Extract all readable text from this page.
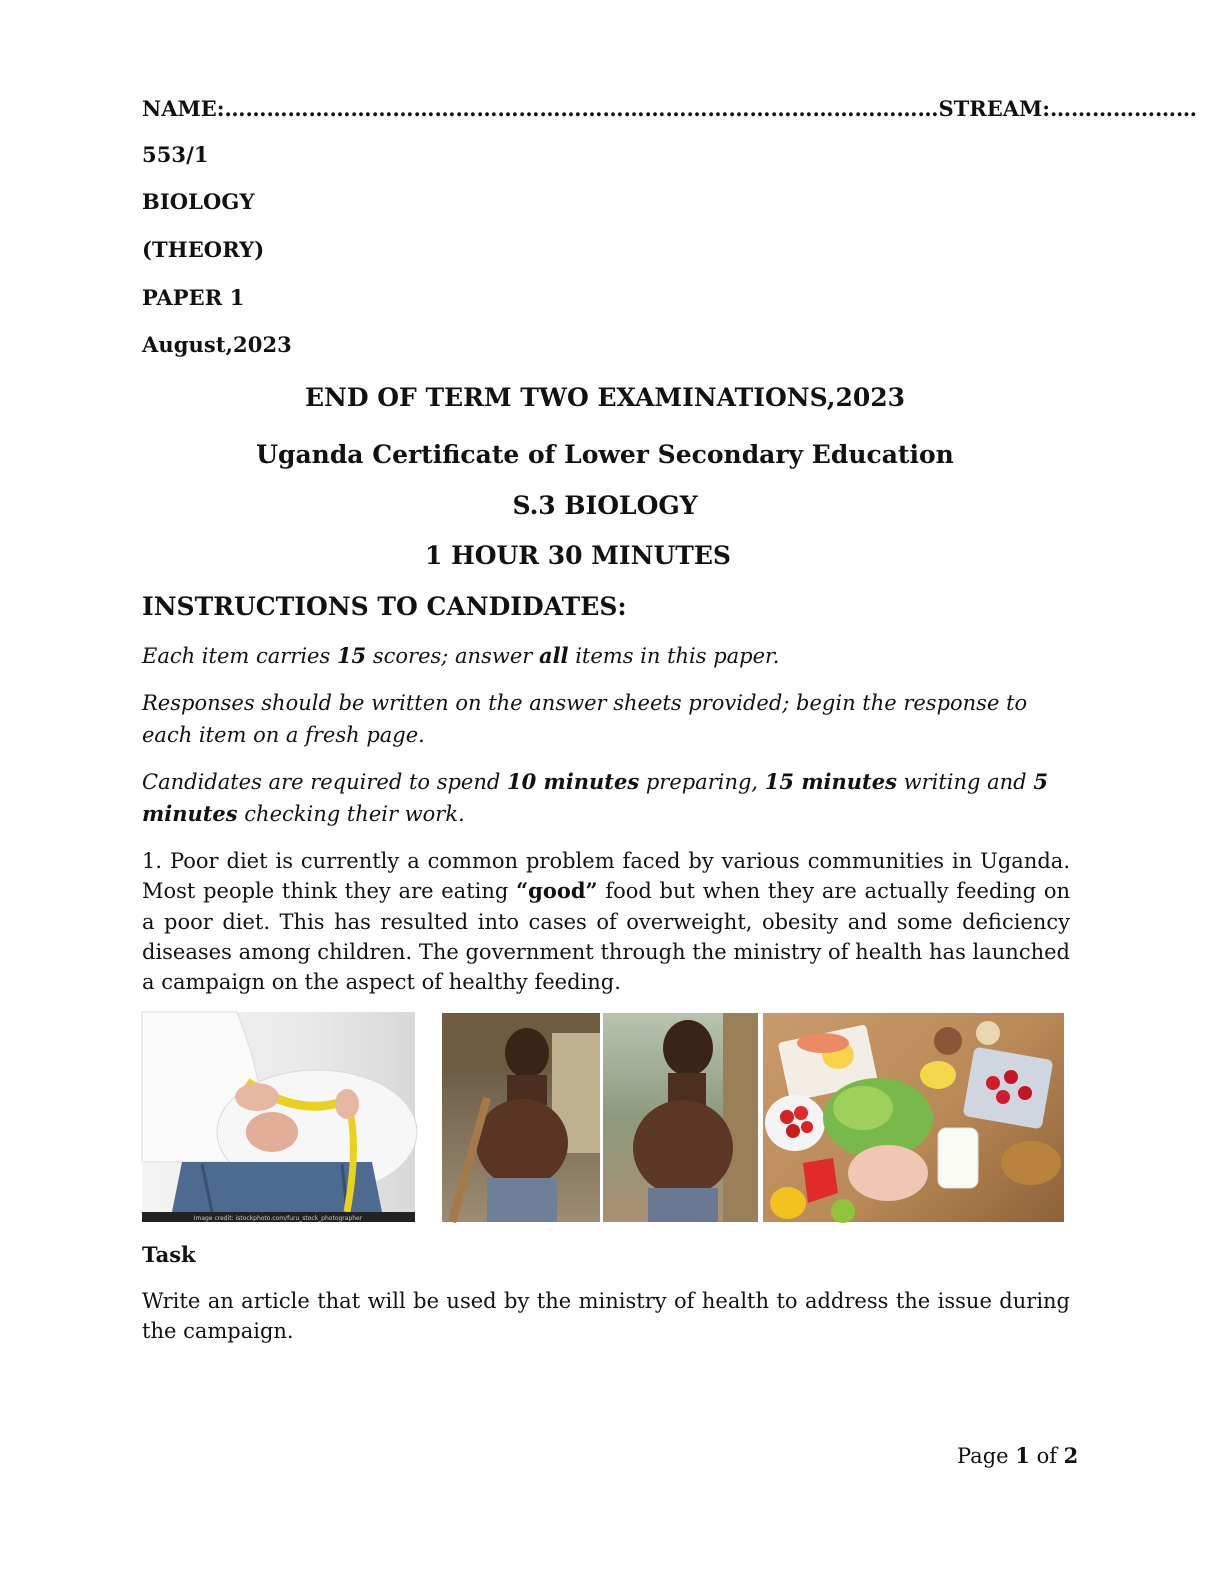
NAME:…………………………………………………………………………………………STREAM:…………………
553/1
BIOLOGY
(THEORY)
PAPER 1
August,2023
END OF TERM TWO EXAMINATIONS,2023
Uganda Certificate of Lower Secondary Education
S.3 BIOLOGY
1 HOUR 30 MINUTES
INSTRUCTIONS TO CANDIDATES:
Each item carries 15 scores; answer all items in this paper.
Responses should be written on the answer sheets provided; begin the response to each item on a fresh page.
Candidates are required to spend 10 minutes preparing, 15 minutes writing and 5 minutes checking their work.
1. Poor diet is currently a common problem faced by various communities in Uganda. Most people think they are eating “good” food but when they are actually feeding on a poor diet. This has resulted into cases of overweight, obesity and some deficiency diseases among children. The government through the ministry of health has launched a campaign on the aspect of healthy feeding.
Image credit: istockphoto.com/furu_stock_photographer
Task
Write an article that will be used by the ministry of health to address the issue during the campaign.
Page 1 of 2
